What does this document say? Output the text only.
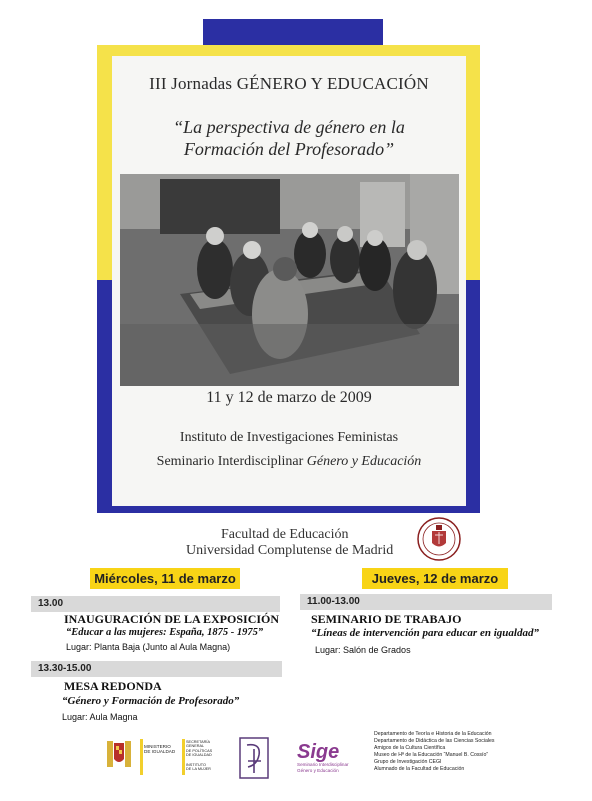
III Jornadas GÉNERO Y EDUCACIÓN
“La perspectiva de género en la
Formación del Profesorado”
11 y 12 de marzo de 2009
Instituto de Investigaciones Feministas
Seminario Interdisciplinar Género y Educación
Facultad de Educación
Universidad Complutense de Madrid
Miércoles, 11 de marzo	Jueves, 12 de marzo
13.00
INAUGURACIÓN DE LA EXPOSICIÓN
“Educar a las mujeres: España, 1875 - 1975”
Lugar: Planta Baja (Junto al Aula Magna)
11.00-13.00
SEMINARIO DE TRABAJO
“Líneas de intervención para educar en igualdad”
Lugar: Salón de Grados
13.30-15.00
MESA REDONDA
“Género y Formación de Profesorado”
Lugar: Aula Magna
MINISTERIO
DE IGUALDAD
SECRETARÍA
GENERAL
DE POLÍTICAS
DE IGUALDAD
INSTITUTO
DE LA MUJER
Sige
Seminario Interdisciplinar
Género y Educación
Departamento de Teoría e Historia de la Educación
Departamento de Didáctica de las Ciencias Sociales
Amigos de la Cultura Científica
Museo de Hª de la Educación “Manuel B. Cossío”
Grupo de Investigación CEGI
Alumnado de la Facultad de Educación
